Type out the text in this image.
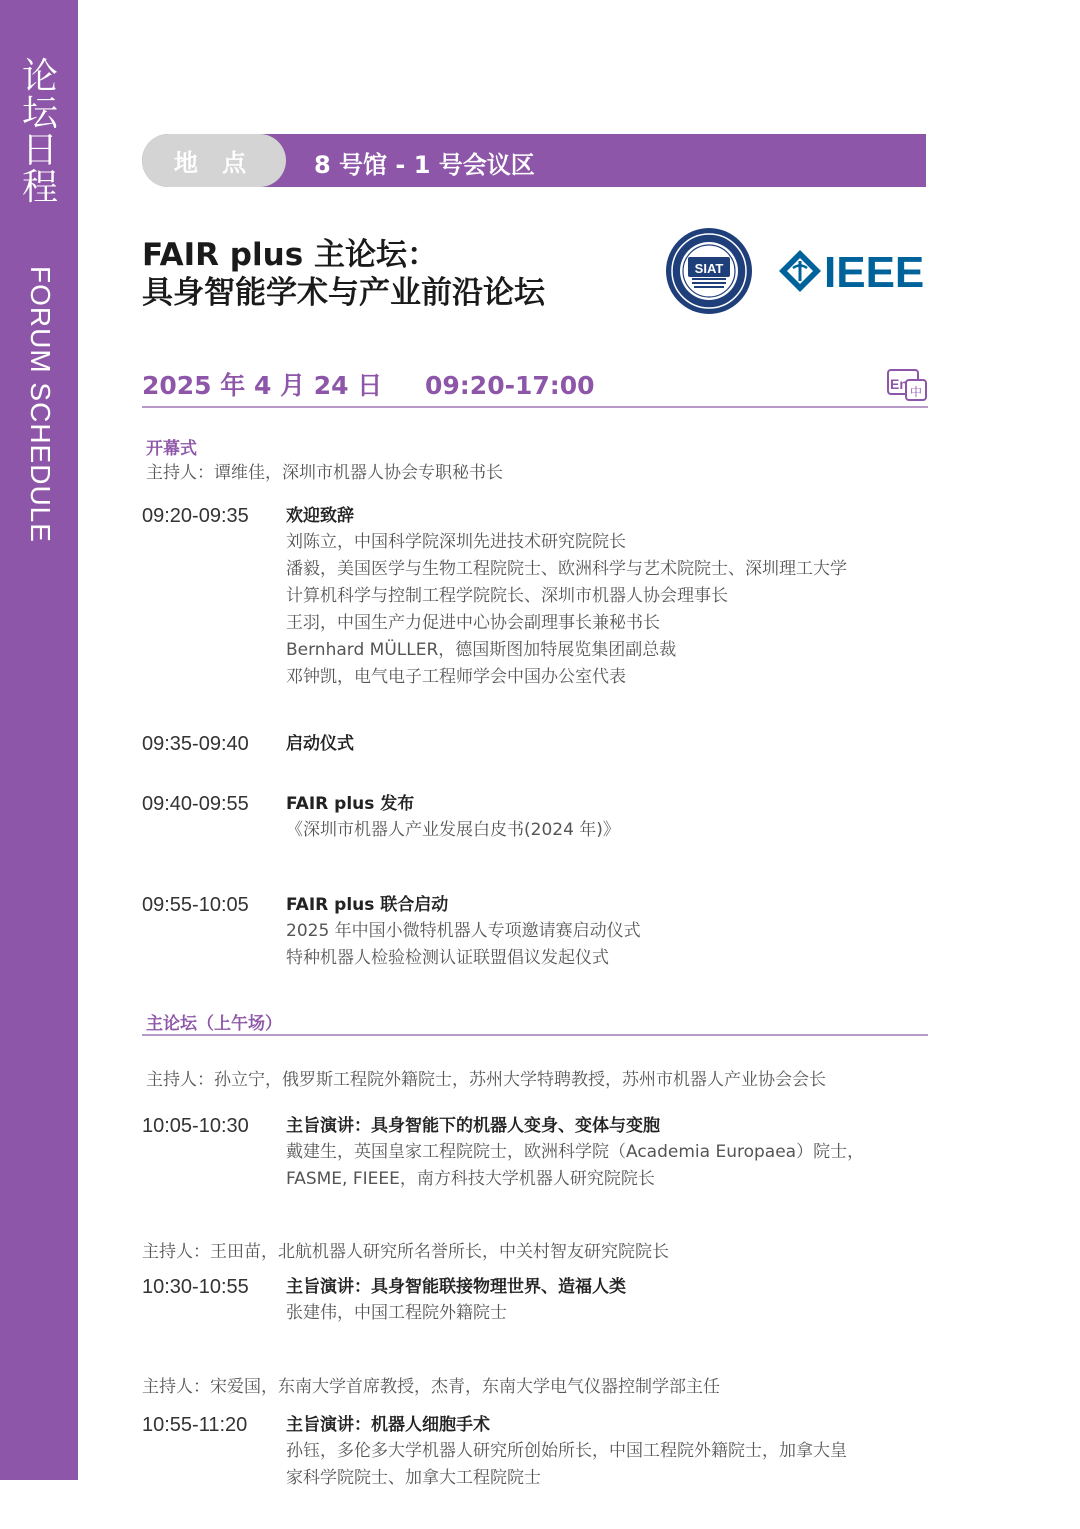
论
坛
日
程
FORUM SCHEDULE
地 点	8 号馆 - 1 号会议区
FAIR plus 主论坛：
具身智能学术与产业前沿论坛
SIAT IEEE
2025 年 4 月 24 日 09:20-17:00	En 中
开幕式
主持人：谭维佳，深圳市机器人协会专职秘书长
09:20-09:35 欢迎致辞
刘陈立，中国科学院深圳先进技术研究院院长
潘毅，美国医学与生物工程院院士、欧洲科学与艺术院院士、深圳理工大学
计算机科学与控制工程学院院长、深圳市机器人协会理事长
王羽，中国生产力促进中心协会副理事长兼秘书长
Bernhard MÜLLER，德国斯图加特展览集团副总裁
邓钟凯，电气电子工程师学会中国办公室代表
09:35-09:40 启动仪式
09:40-09:55 FAIR plus 发布
《深圳市机器人产业发展白皮书(2024 年)》
09:55-10:05 FAIR plus 联合启动
2025 年中国小微特机器人专项邀请赛启动仪式
特种机器人检验检测认证联盟倡议发起仪式
主论坛（上午场）
主持人：孙立宁，俄罗斯工程院外籍院士，苏州大学特聘教授，苏州市机器人产业协会会长
10:05-10:30 主旨演讲：具身智能下的机器人变身、变体与变胞
戴建生，英国皇家工程院院士，欧洲科学院（Academia Europaea）院士，
FASME, FIEEE，南方科技大学机器人研究院院长
主持人：王田苗，北航机器人研究所名誉所长，中关村智友研究院院长
10:30-10:55 主旨演讲：具身智能联接物理世界、造福人类
张建伟，中国工程院外籍院士
主持人：宋爱国，东南大学首席教授，杰青，东南大学电气仪器控制学部主任
10:55-11:20 主旨演讲：机器人细胞手术
孙钰，多伦多大学机器人研究所创始所长，中国工程院外籍院士，加拿大皇
家科学院院士、加拿大工程院院士
